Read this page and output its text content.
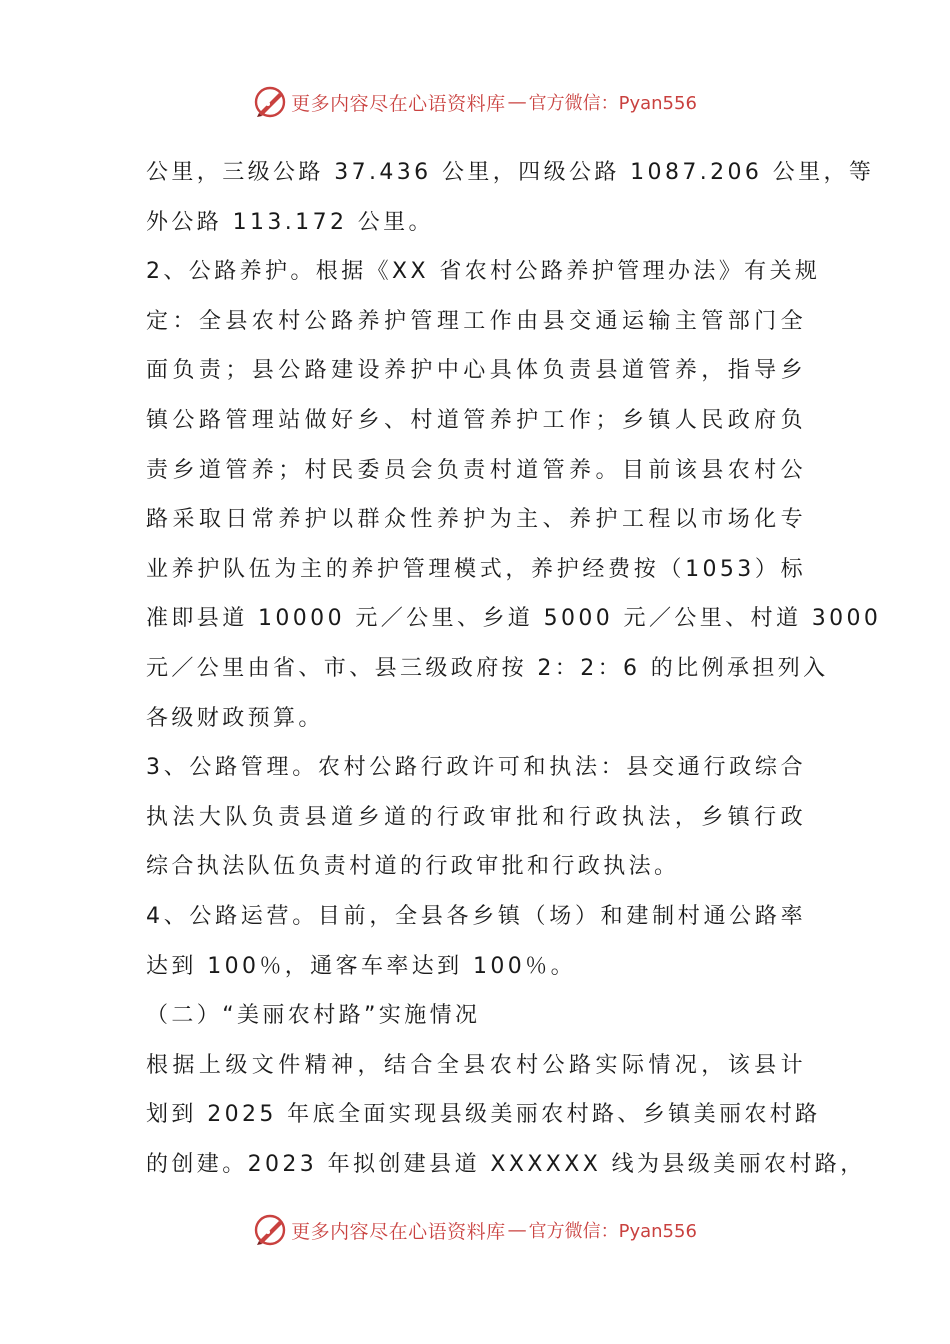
更多内容尽在心语资料库 — 官方微信：Pyan556
公里，三级公路 37.436 公里，四级公路 1087.206 公里，等
外公路 113.172 公里。
2、公路养护。根据《XX 省农村公路养护管理办法》有关规
定：全县农村公路养护管理工作由县交通运输主管部门全
面负责；县公路建设养护中心具体负责县道管养，指导乡
镇公路管理站做好乡、村道管养护工作；乡镇人民政府负
责乡道管养；村民委员会负责村道管养。目前该县农村公
路采取日常养护以群众性养护为主、养护工程以市场化专
业养护队伍为主的养护管理模式，养护经费按（1053）标
准即县道 10000 元／公里、乡道 5000 元／公里、村道 3000
元／公里由省、市、县三级政府按 2：2：6 的比例承担列入
各级财政预算。
3、公路管理。农村公路行政许可和执法：县交通行政综合
执法大队负责县道乡道的行政审批和行政执法，乡镇行政
综合执法队伍负责村道的行政审批和行政执法。
4、公路运营。目前，全县各乡镇（场）和建制村通公路率
达到 100％，通客车率达到 100％。
（二）“美丽农村路”实施情况
根据上级文件精神，结合全县农村公路实际情况，该县计
划到 2025 年底全面实现县级美丽农村路、乡镇美丽农村路
的创建。2023 年拟创建县道 XXXXXX 线为县级美丽农村路，
更多内容尽在心语资料库 — 官方微信：Pyan556
